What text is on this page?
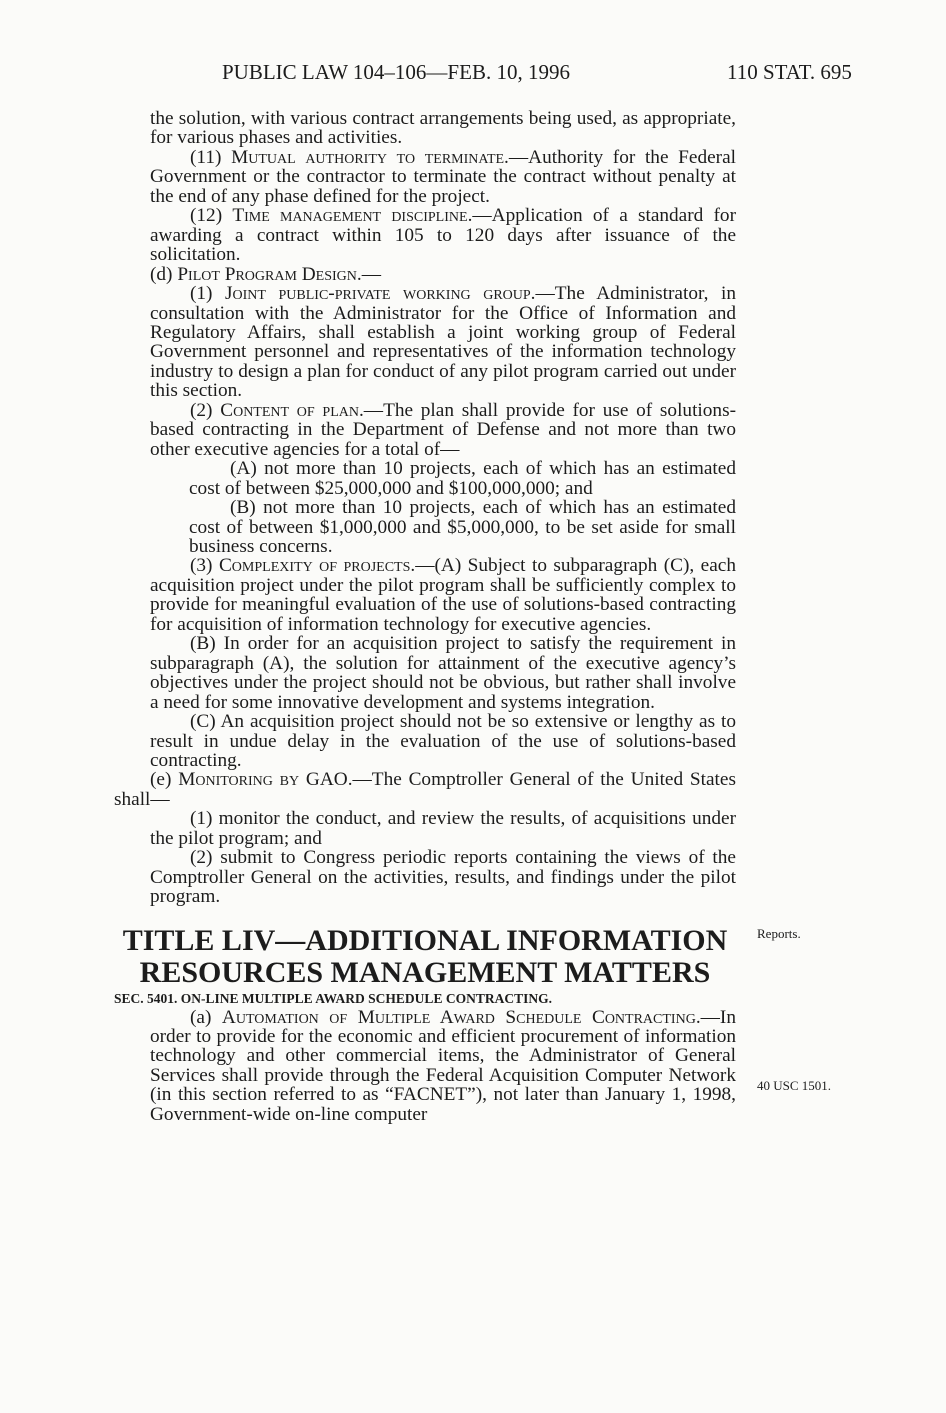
PUBLIC LAW 104–106—FEB. 10, 1996	110 STAT. 695

the solution, with various contract arrangements being used, as appropriate, for various phases and activities.

(11) Mutual authority to terminate.—Authority for the Federal Government or the contractor to terminate the contract without penalty at the end of any phase defined for the project.

(12) Time management discipline.—Application of a standard for awarding a contract within 105 to 120 days after issuance of the solicitation.

(d) Pilot Program Design.—

(1) Joint public-private working group.—The Administrator, in consultation with the Administrator for the Office of Information and Regulatory Affairs, shall establish a joint working group of Federal Government personnel and representatives of the information technology industry to design a plan for conduct of any pilot program carried out under this section.

(2) Content of plan.—The plan shall provide for use of solutions-based contracting in the Department of Defense and not more than two other executive agencies for a total of—

(A) not more than 10 projects, each of which has an estimated cost of between $25,000,000 and $100,000,000; and

(B) not more than 10 projects, each of which has an estimated cost of between $1,000,000 and $5,000,000, to be set aside for small business concerns.

(3) Complexity of projects.—(A) Subject to subparagraph (C), each acquisition project under the pilot program shall be sufficiently complex to provide for meaningful evaluation of the use of solutions-based contracting for acquisition of information technology for executive agencies.

(B) In order for an acquisition project to satisfy the requirement in subparagraph (A), the solution for attainment of the executive agency’s objectives under the project should not be obvious, but rather shall involve a need for some innovative development and systems integration.

(C) An acquisition project should not be so extensive or lengthy as to result in undue delay in the evaluation of the use of solutions-based contracting.

(e) Monitoring by GAO.—The Comptroller General of the United States shall—

(1) monitor the conduct, and review the results, of acquisitions under the pilot program; and

(2) submit to Congress periodic reports containing the views of the Comptroller General on the activities, results, and findings under the pilot program.

TITLE LIV—ADDITIONAL INFORMATION
RESOURCES MANAGEMENT MATTERS

SEC. 5401. ON-LINE MULTIPLE AWARD SCHEDULE CONTRACTING.

(a) Automation of Multiple Award Schedule Contracting.—In order to provide for the economic and efficient procurement of information technology and other commercial items, the Administrator of General Services shall provide through the Federal Acquisition Computer Network (in this section referred to as “FACNET”), not later than January 1, 1998, Government-wide on-line computer

Reports.
40 USC 1501.
